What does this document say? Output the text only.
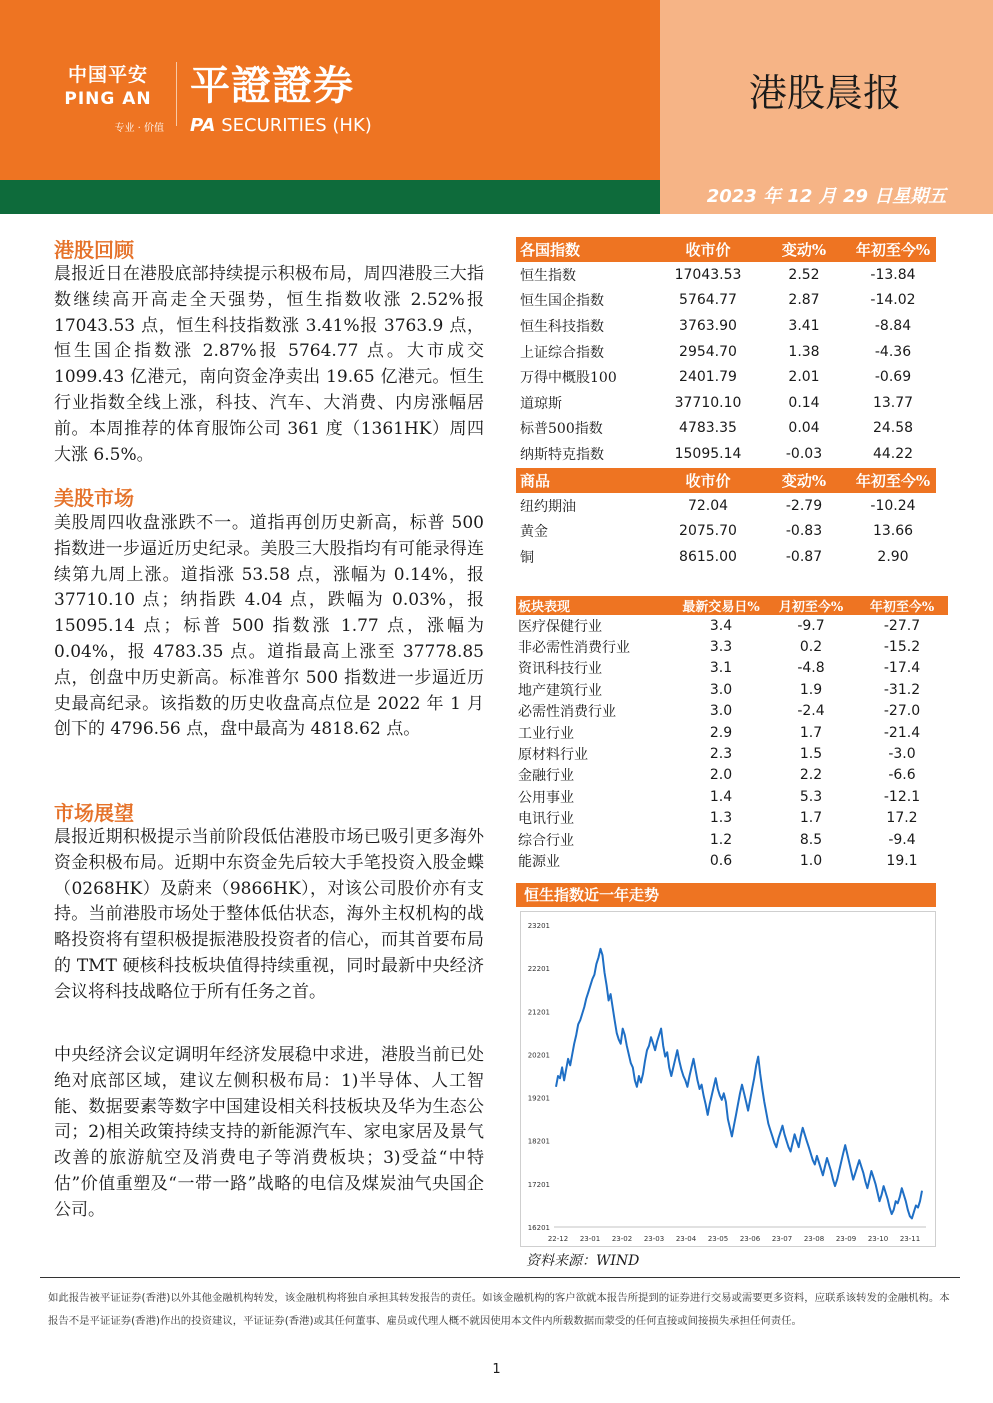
2023 年 12 月 29 日星期五
港股晨报
中国平安
PING AN
专业 · 价值
平證證券
PA SECURITIES (HK)
港股回顾
晨报近日在港股底部持续提示积极布局，周四港股三大指数继续高开高走全天强势，恒生指数收涨 2.52%报 17043.53 点，恒生科技指数涨 3.41%报 3763.9 点，恒生国企指数涨 2.87%报 5764.77 点。大市成交 1099.43 亿港元，南向资金净卖出 19.65 亿港元。恒生行业指数全线上涨，科技、汽车、大消费、内房涨幅居前。本周推荐的体育服饰公司 361 度（1361HK）周四大涨 6.5%。
美股市场
美股周四收盘涨跌不一。道指再创历史新高，标普 500 指数进一步逼近历史纪录。美股三大股指均有可能录得连续第九周上涨。道指涨 53.58 点，涨幅为 0.14%，报 37710.10 点；纳指跌 4.04 点，跌幅为 0.03%，报 15095.14 点；标普 500 指数涨 1.77 点，涨幅为 0.04%，报 4783.35 点。道指最高上涨至 37778.85 点，创盘中历史新高。标准普尔 500 指数进一步逼近历史最高纪录。该指数的历史收盘高点位是 2022 年 1 月创下的 4796.56 点，盘中最高为 4818.62 点。
市场展望
晨报近期积极提示当前阶段低估港股市场已吸引更多海外资金积极布局。近期中东资金先后较大手笔投资入股金蝶（0268HK）及蔚来（9866HK），对该公司股价亦有支持。当前港股市场处于整体低估状态，海外主权机构的战略投资将有望积极提振港股投资者的信心，而其首要布局的 TMT 硬核科技板块值得持续重视，同时最新中央经济会议将科技战略位于所有任务之首。
中央经济会议定调明年经济发展稳中求进，港股当前已处绝对底部区域，建议左侧积极布局：1)半导体、人工智能、数据要素等数字中国建设相关科技板块及华为生态公司；2)相关政策持续支持的新能源汽车、家电家居及景气改善的旅游航空及消费电子等消费板块；3)受益“中特估”价值重塑及“一带一路”战略的电信及煤炭油气央国企公司。
各国指数	收市价	变动%	年初至今%
恒生指数	17043.53	2.52	-13.84
恒生国企指数	5764.77	2.87	-14.02
恒生科技指数	3763.90	3.41	-8.84
上证综合指数	2954.70	1.38	-4.36
万得中概股100	2401.79	2.01	-0.69
道琼斯	37710.10	0.14	13.77
标普500指数	4783.35	0.04	24.58
纳斯特克指数	15095.14	-0.03	44.22
商品	收市价	变动%	年初至今%
纽约期油	72.04	-2.79	-10.24
黄金	2075.70	-0.83	13.66
铜	8615.00	-0.87	2.90
板块表现	最新交易日%	月初至今%	年初至今%
医疗保健行业	3.4	-9.7	-27.7
非必需性消费行业	3.3	0.2	-15.2
资讯科技行业	3.1	-4.8	-17.4
地产建筑行业	3.0	1.9	-31.2
必需性消费行业	3.0	-2.4	-27.0
工业行业	2.9	1.7	-21.4
原材料行业	2.3	1.5	-3.0
金融行业	2.0	2.2	-6.6
公用事业	1.4	5.3	-12.1
电讯行业	1.3	1.7	17.2
综合行业	1.2	8.5	-9.4
能源业	0.6	1.0	19.1
恒生指数近一年走势
16201
17201
18201
19201
20201
21201
22201
23201
22-12 23-01 23-02 23-03 23-04 23-05 23-06 23-07 23-08 23-09 23-10 23-11
资料来源：WIND
如此报告被平证证券(香港)以外其他金融机构转发，该金融机构将独自承担其转发报告的责任。如该金融机构的客户欲就本报告所提到的证券进行交易或需要更多资料，应联系该转发的金融机构。本报告不是平证证券(香港)作出的投资建议，平证证券(香港)或其任何董事、雇员或代理人概不就因使用本文件内所载数据而蒙受的任何直接或间接损失承担任何责任。
1
